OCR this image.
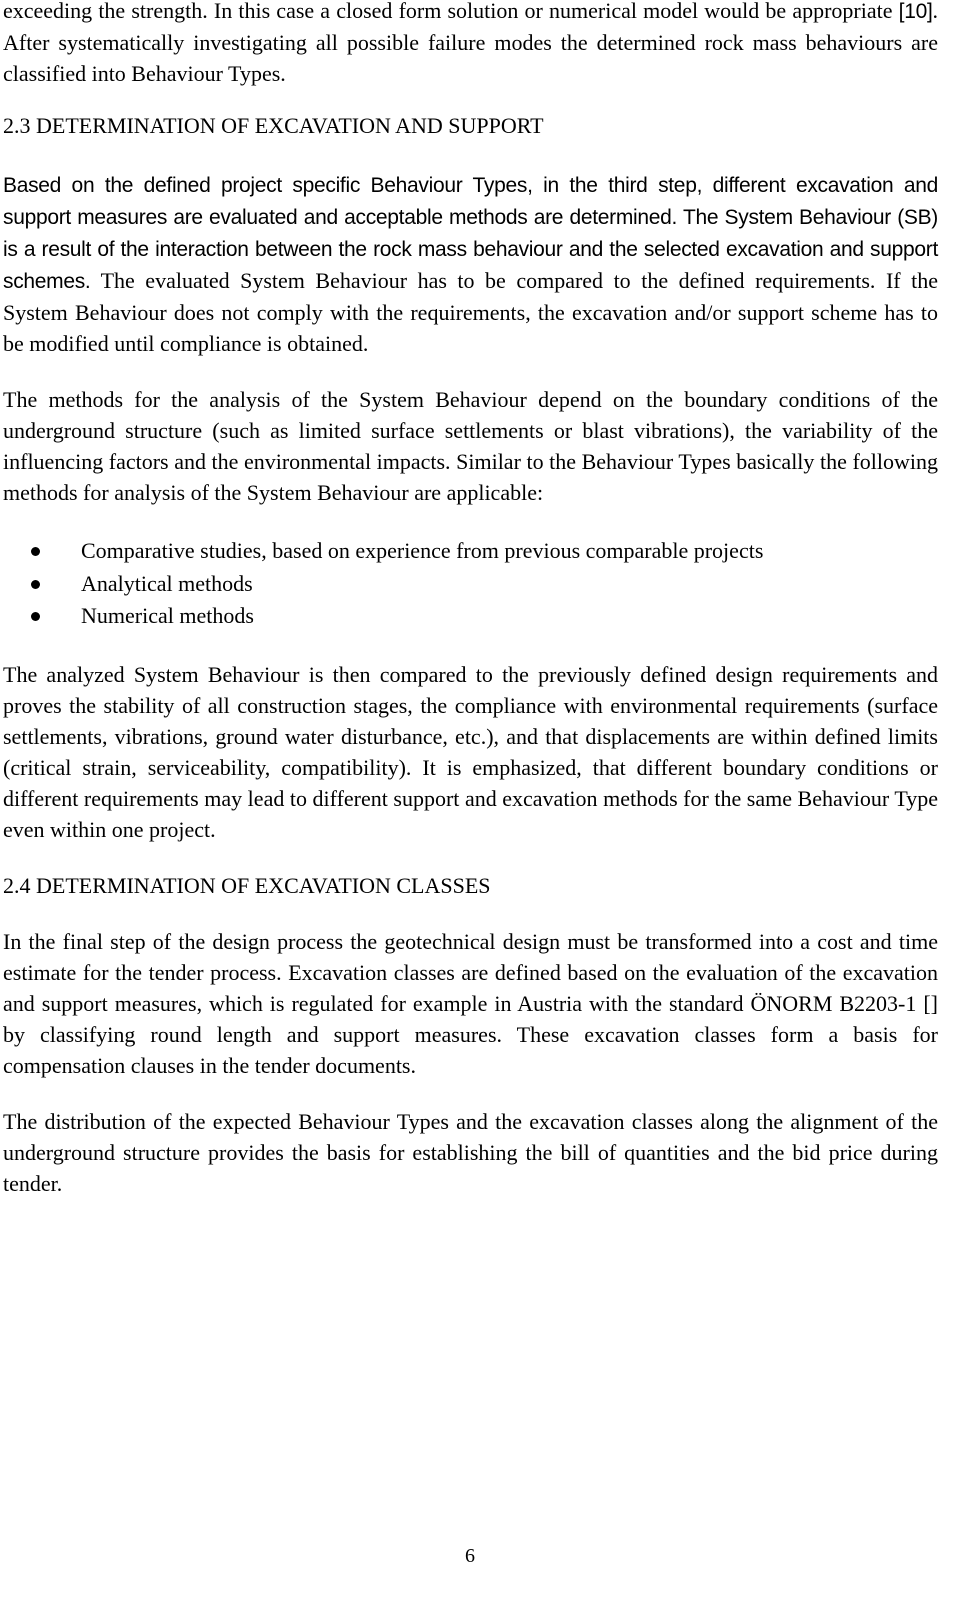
exceeding the strength. In this case a closed form solution or numerical model would be appropriate [10]. After systematically investigating all possible failure modes the determined rock mass behaviours are classified into Behaviour Types.

2.3 DETERMINATION OF EXCAVATION AND SUPPORT

Based on the defined project specific Behaviour Types, in the third step, different excavation and support measures are evaluated and acceptable methods are determined. The System Behaviour (SB) is a result of the interaction between the rock mass behaviour and the selected excavation and support schemes. The evaluated System Behaviour has to be compared to the defined requirements. If the System Behaviour does not comply with the requirements, the excavation and/or support scheme has to be modified until compliance is obtained.

The methods for the analysis of the System Behaviour depend on the boundary conditions of the underground structure (such as limited surface settlements or blast vibrations), the variability of the influencing factors and the environmental impacts. Similar to the Behaviour Types basically the following methods for analysis of the System Behaviour are applicable:

Comparative studies, based on experience from previous comparable projects
Analytical methods
Numerical methods

The analyzed System Behaviour is then compared to the previously defined design requirements and proves the stability of all construction stages, the compliance with environmental requirements (surface settlements, vibrations, ground water disturbance, etc.), and that displacements are within defined limits (critical strain, serviceability, compatibility). It is emphasized, that different boundary conditions or different requirements may lead to different support and excavation methods for the same Behaviour Type even within one project.

2.4 DETERMINATION OF EXCAVATION CLASSES

In the final step of the design process the geotechnical design must be transformed into a cost and time estimate for the tender process. Excavation classes are defined based on the evaluation of the excavation and support measures, which is regulated for example in Austria with the standard ÖNORM B2203-1 [] by classifying round length and support measures. These excavation classes form a basis for compensation clauses in the tender documents.

The distribution of the expected Behaviour Types and the excavation classes along the alignment of the underground structure provides the basis for establishing the bill of quantities and the bid price during tender.

6
